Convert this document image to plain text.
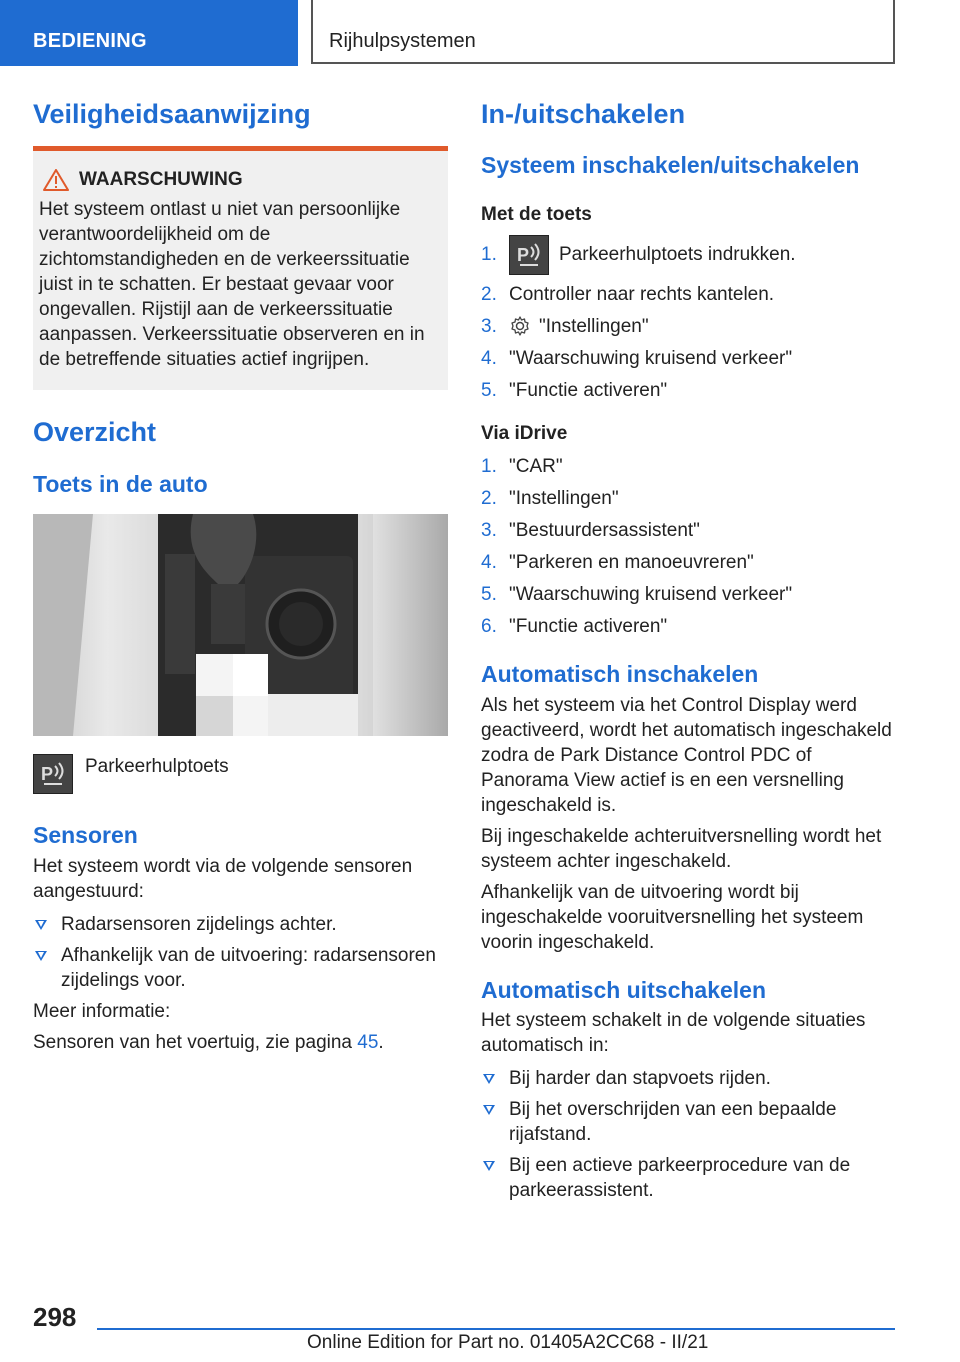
BEDIENING	Rijhulpsystemen
Veiligheidsaanwijzing
WAARSCHUWING

Het systeem ontlast u niet van persoonlijke verantwoordelijkheid om de zichtomstandigheden en de verkeerssituatie juist in te schatten. Er bestaat gevaar voor ongevallen. Rijstijl aan de verkeerssituatie aanpassen. Verkeerssituatie observeren en in de betreffende situaties actief ingrijpen.

Overzicht
Toets in de auto
P Parkeerhulptoets
Sensoren

Het systeem wordt via de volgende sensoren aangestuurd:

Radarsensoren zijdelings achter.
Afhankelijk van de uitvoering: radarsensoren zijdelings voor.

Meer informatie:

Sensoren van het voertuig, zie pagina 45.

In-/uitschakelen
Systeem inschakelen/uitschakelen

Met de toets

1.	P Parkeerhulptoets indrukken.
2. Controller naar rechts kantelen.
3.	"Instellingen"
4. "Waarschuwing kruisend verkeer"
5. "Functie activeren"

Via iDrive

1. "CAR"
2. "Instellingen"
3. "Bestuurdersassistent"
4. "Parkeren en manoeuvreren"
5. "Waarschuwing kruisend verkeer"
6. "Functie activeren"
Automatisch inschakelen

Als het systeem via het Control Display werd geactiveerd, wordt het automatisch ingeschakeld zodra de Park Distance Control PDC of Panorama View actief is en een versnelling ingeschakeld is.

Bij ingeschakelde achteruitversnelling wordt het systeem achter ingeschakeld.

Afhankelijk van de uitvoering wordt bij ingeschakelde vooruitversnelling het systeem voorin ingeschakeld.

Automatisch uitschakelen

Het systeem schakelt in de volgende situaties automatisch in:

Bij harder dan stapvoets rijden.
Bij het overschrijden van een bepaalde rijafstand.
Bij een actieve parkeerprocedure van de parkeerassistent.
298
Online Edition for Part no. 01405A2CC68 - II/21
